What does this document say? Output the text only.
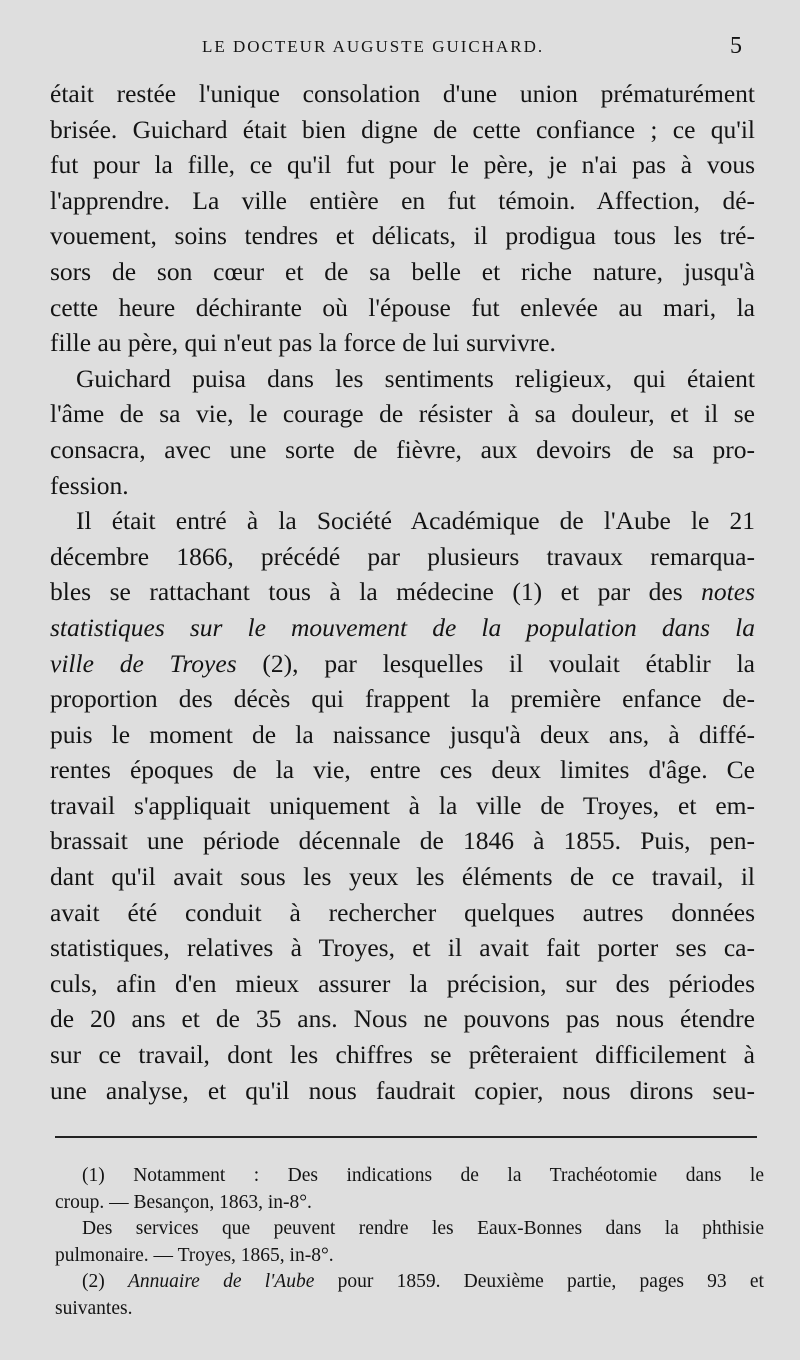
LE DOCTEUR AUGUSTE GUICHARD.	5
était restée l'unique consolation d'une union prématurément
brisée. Guichard était bien digne de cette confiance ; ce qu'il
fut pour la fille, ce qu'il fut pour le père, je n'ai pas à vous
l'apprendre. La ville entière en fut témoin. Affection, dé-
vouement, soins tendres et délicats, il prodigua tous les tré-
sors de son cœur et de sa belle et riche nature, jusqu'à
cette heure déchirante où l'épouse fut enlevée au mari, la
fille au père, qui n'eut pas la force de lui survivre.
Guichard puisa dans les sentiments religieux, qui étaient
l'âme de sa vie, le courage de résister à sa douleur, et il se
consacra, avec une sorte de fièvre, aux devoirs de sa pro-
fession.
Il était entré à la Société Académique de l'Aube le 21
décembre 1866, précédé par plusieurs travaux remarqua-
bles se rattachant tous à la médecine (1) et par des notes
statistiques sur le mouvement de la population dans la
ville de Troyes (2), par lesquelles il voulait établir la
proportion des décès qui frappent la première enfance de-
puis le moment de la naissance jusqu'à deux ans, à diffé-
rentes époques de la vie, entre ces deux limites d'âge. Ce
travail s'appliquait uniquement à la ville de Troyes, et em-
brassait une période décennale de 1846 à 1855. Puis, pen-
dant qu'il avait sous les yeux les éléments de ce travail, il
avait été conduit à rechercher quelques autres données
statistiques, relatives à Troyes, et il avait fait porter ses ca-
culs, afin d'en mieux assurer la précision, sur des périodes
de 20 ans et de 35 ans. Nous ne pouvons pas nous étendre
sur ce travail, dont les chiffres se prêteraient difficilement à
une analyse, et qu'il nous faudrait copier, nous dirons seu-
(1) Notamment : Des indications de la Trachéotomie dans le
croup. — Besançon, 1863, in-8°.
Des services que peuvent rendre les Eaux-Bonnes dans la phthisie
pulmonaire. — Troyes, 1865, in-8°.
(2) Annuaire de l'Aube pour 1859. Deuxième partie, pages 93 et
suivantes.
